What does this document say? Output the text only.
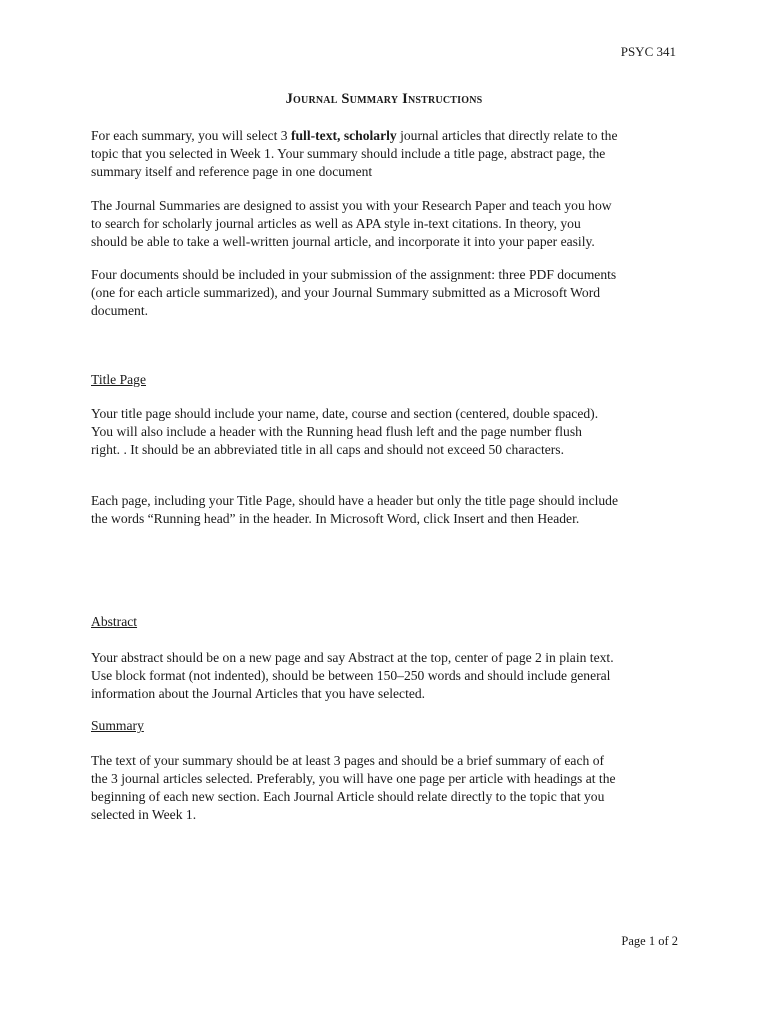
PSYC 341
Journal Summary Instructions
For each summary, you will select 3 full-text, scholarly journal articles that directly relate to the
topic that you selected in Week 1. Your summary should include a title page, abstract page, the
summary itself and reference page in one document
The Journal Summaries are designed to assist you with your Research Paper and teach you how
to search for scholarly journal articles as well as APA style in-text citations. In theory, you
should be able to take a well-written journal article, and incorporate it into your paper easily.
Four documents should be included in your submission of the assignment: three PDF documents
(one for each article summarized), and your Journal Summary submitted as a Microsoft Word
document.
Title Page
Your title page should include your name, date, course and section (centered, double spaced).
You will also include a header with the Running head flush left and the page number flush
right. . It should be an abbreviated title in all caps and should not exceed 50 characters.
Each page, including your Title Page, should have a header but only the title page should include
the words “Running head” in the header. In Microsoft Word, click Insert and then Header.
Abstract
Your abstract should be on a new page and say Abstract at the top, center of page 2 in plain text.
Use block format (not indented), should be between 150–250 words and should include general
information about the Journal Articles that you have selected.
Summary
The text of your summary should be at least 3 pages and should be a brief summary of each of
the 3 journal articles selected. Preferably, you will have one page per article with headings at the
beginning of each new section. Each Journal Article should relate directly to the topic that you
selected in Week 1.
Page 1 of 2
